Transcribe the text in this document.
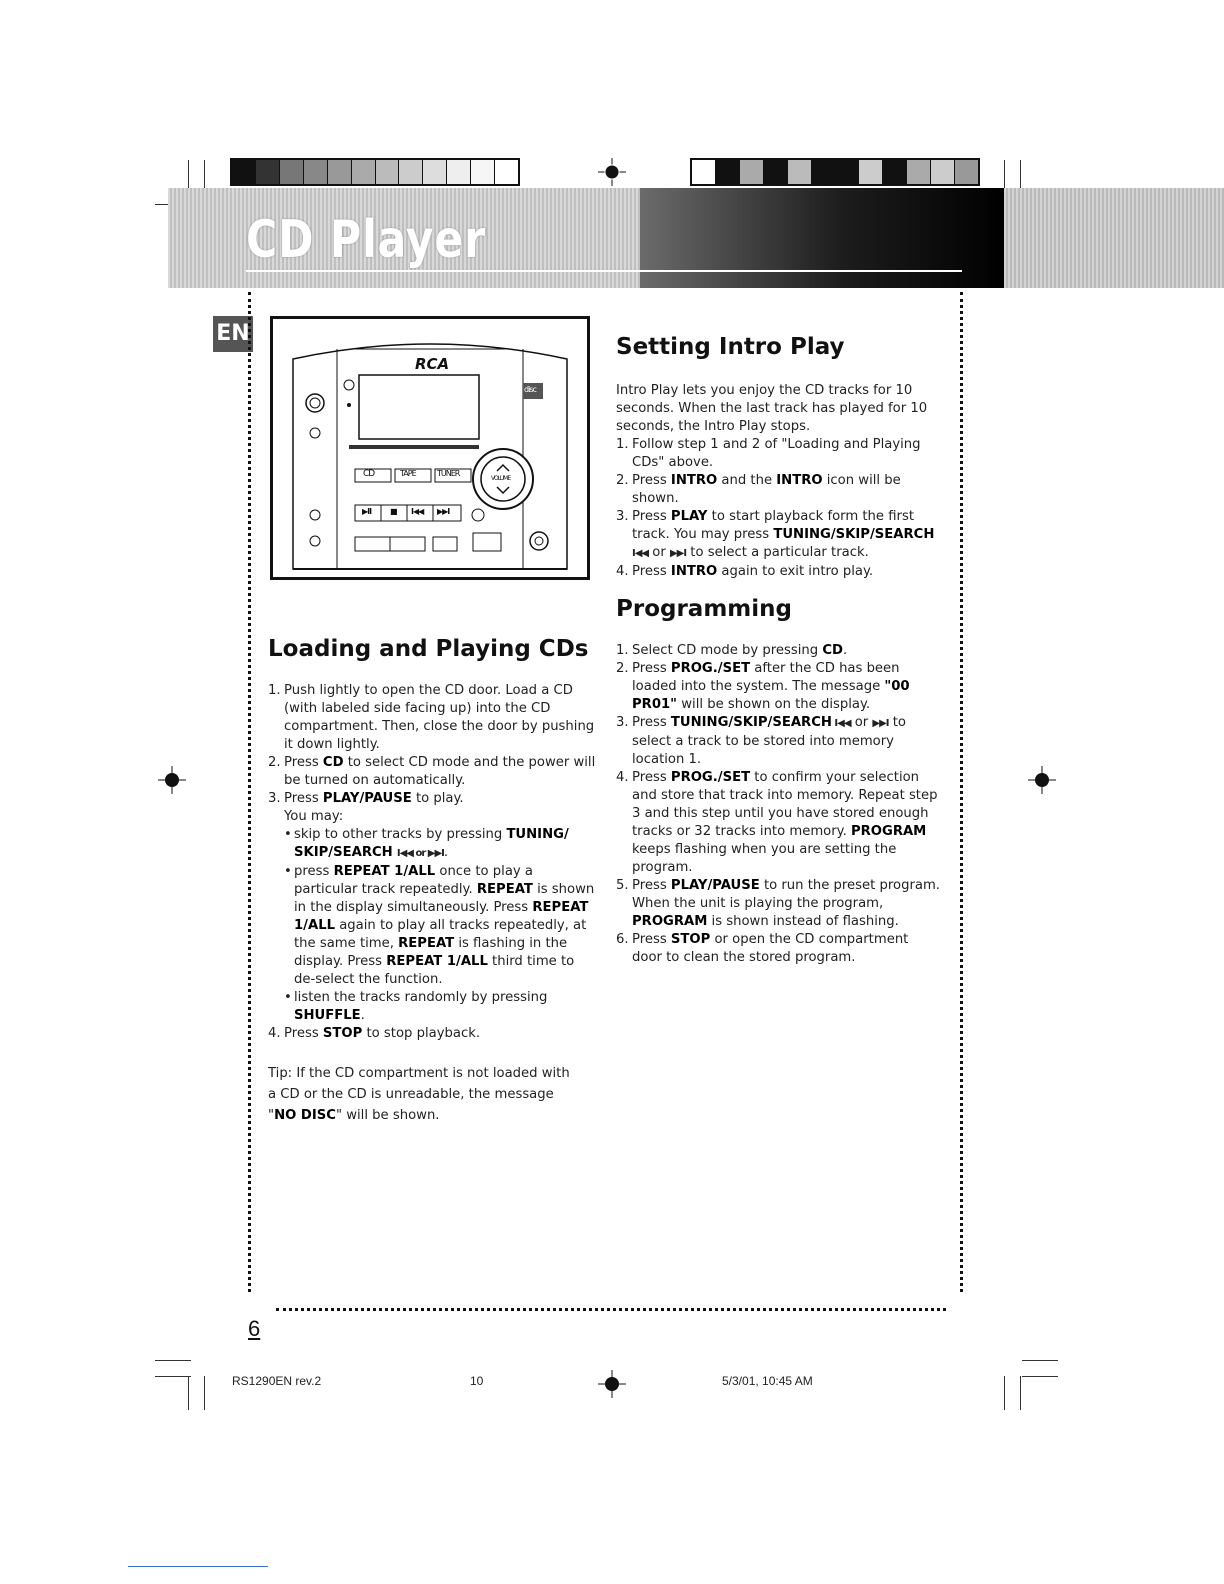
CD Player
EN
RCA
CD	TAPE	TUNER
▶II ■ I◀◀ ▶▶I
VOLUME
disc
Loading and Playing CDs
1. Push lightly to open the CD door. Load a CD (with labeled side facing up) into the CD compartment. Then, close the door by pushing it down lightly.
2. Press CD to select CD mode and the power will be turned on automatically.
3. Press PLAY/PAUSE to play.
You may:
• skip to other tracks by pressing TUNING/ SKIP/SEARCH I◀◀ or ▶▶I.
• press REPEAT 1/ALL once to play a particular track repeatedly. REPEAT is shown in the display simultaneously. Press REPEAT 1/ALL again to play all tracks repeatedly, at the same time, REPEAT is flashing in the display. Press REPEAT 1/ALL third time to de-select the function.
• listen the tracks randomly by pressing SHUFFLE.
4. Press STOP to stop playback.
Tip: If the CD compartment is not loaded with a CD or the CD is unreadable, the message "NO DISC" will be shown.
Setting Intro Play
Intro Play lets you enjoy the CD tracks for 10 seconds. When the last track has played for 10 seconds, the Intro Play stops.
1. Follow step 1 and 2 of "Loading and Playing CDs" above.
2. Press INTRO and the INTRO icon will be shown.
3. Press PLAY to start playback form the first track. You may press TUNING/SKIP/SEARCH
I◀◀ or ▶▶I to select a particular track.
4. Press INTRO again to exit intro play.
Programming
1. Select CD mode by pressing CD.
2. Press PROG./SET after the CD has been loaded into the system. The message "00 PR01" will be shown on the display.
3. Press TUNING/SKIP/SEARCH I◀◀ or ▶▶I to select a track to be stored into memory location 1.
4. Press PROG./SET to confirm your selection and store that track into memory. Repeat step 3 and this step until you have stored enough tracks or 32 tracks into memory. PROGRAM keeps flashing when you are setting the program.
5. Press PLAY/PAUSE to run the preset program. When the unit is playing the program, PROGRAM is shown instead of flashing.
6. Press STOP or open the CD compartment door to clean the stored program.
6
RS1290EN rev.2	10	5/3/01, 10:45 AM
